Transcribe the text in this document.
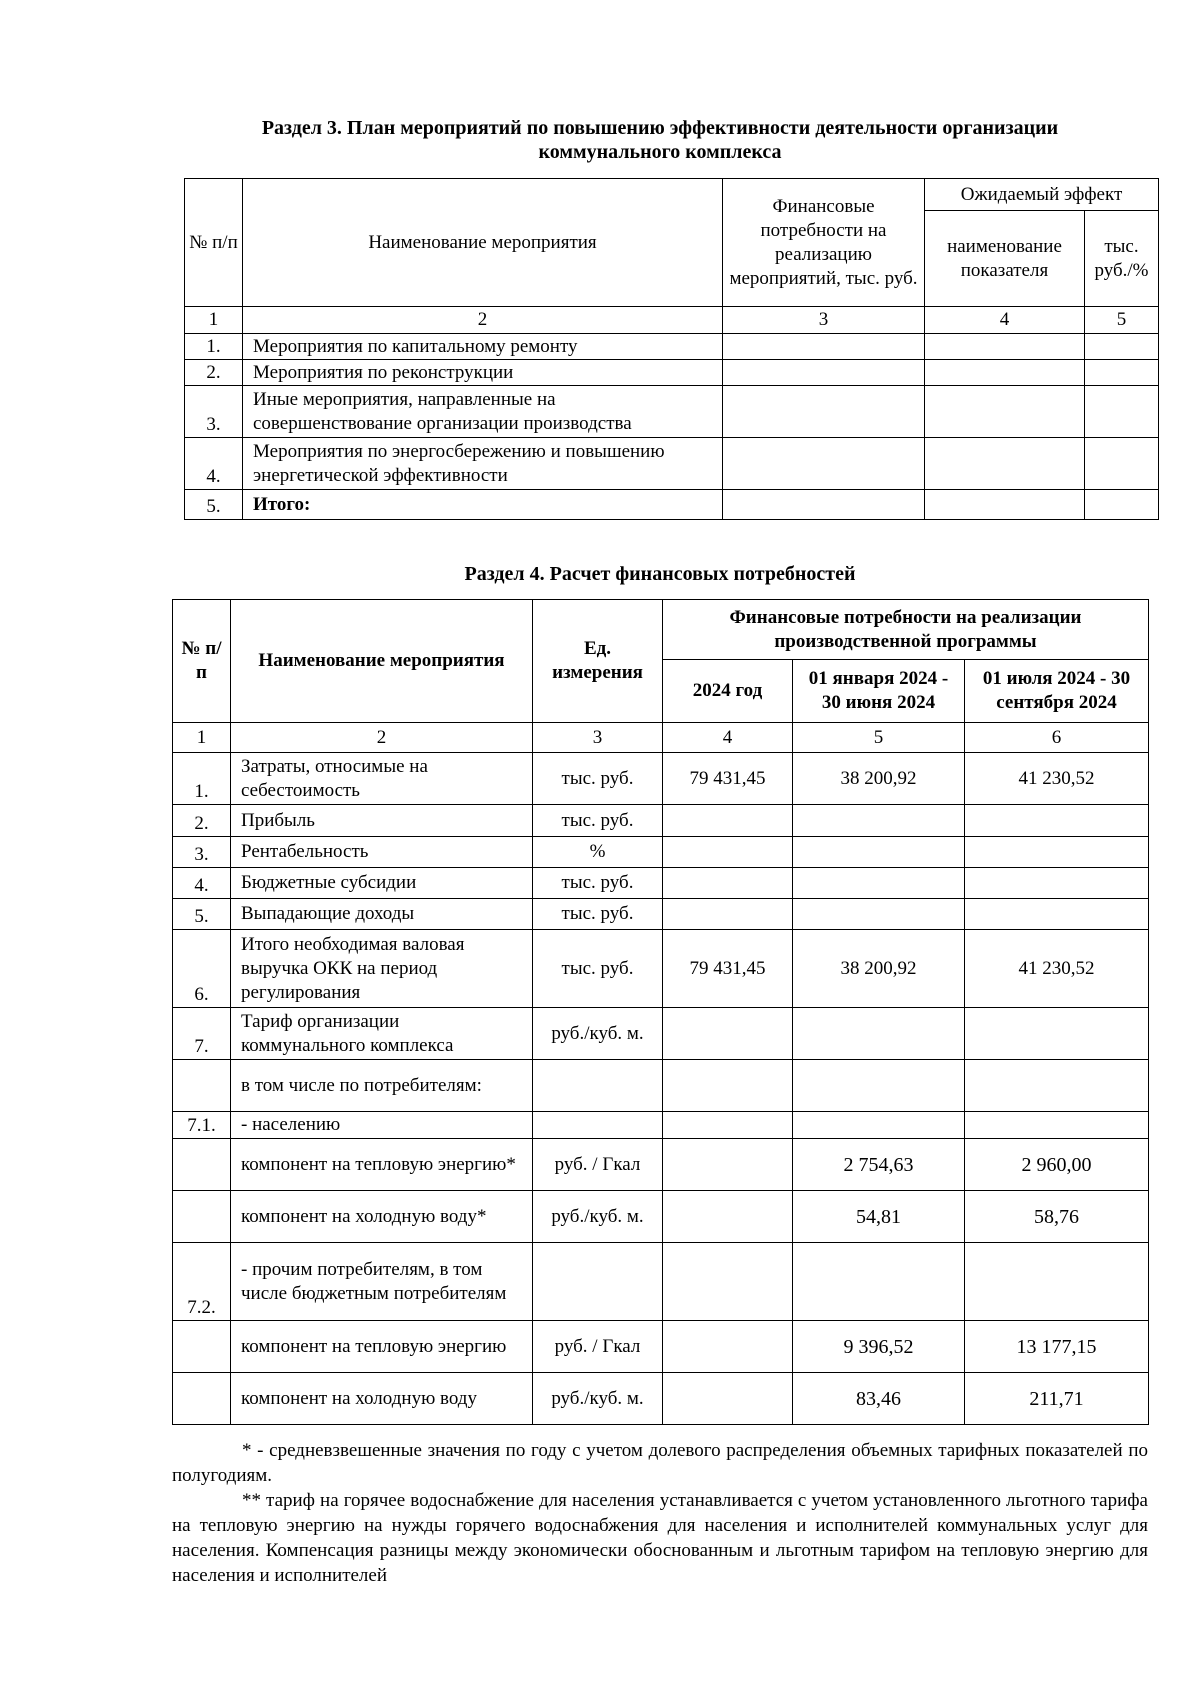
Раздел 3. План мероприятий по повышению эффективности деятельности организации
коммунального комплекса
№ п/п	Наименование мероприятия	Финансовые потребности на реализацию мероприятий, тыс. руб.	Ожидаемый эффект	
			наименование показателя	тыс. руб./%
1	2	3	4	5
1.	Мероприятия по капитальному ремонту			
2.	Мероприятия по реконструкции			
3.	Иные мероприятия, направленные на совершенствование организации производства			
4.	Мероприятия по энергосбережению и повышению энергетической эффективности			
5.	Итого:			
Раздел 4. Расчет финансовых потребностей
№ п/п	Наименование мероприятия	Ед. измерения	Финансовые потребности на реализации производственной программы		
			2024 год	01 января 2024 - 30 июня 2024	01 июля 2024 - 30 сентября 2024
1	2	3	4	5	6
1.	Затраты, относимые на себестоимость	тыс. руб.	79 431,45	38 200,92	41 230,52
2.	Прибыль	тыс. руб.			
3.	Рентабельность	%			
4.	Бюджетные субсидии	тыс. руб.			
5.	Выпадающие доходы	тыс. руб.			
6.	Итого необходимая валовая выручка ОКК на период регулирования	тыс. руб.	79 431,45	38 200,92	41 230,52
7.	Тариф организации коммунального комплекса	руб./куб. м.			
	в том числе по потребителям:				
7.1.	- населению				
	компонент на тепловую энергию*	руб. / Гкал		2 754,63	2 960,00
	компонент на холодную воду*	руб./куб. м.		54,81	58,76
7.2.	- прочим потребителям, в том числе бюджетным потребителям				
	компонент на тепловую энергию	руб. / Гкал		9 396,52	13 177,15
	компонент на холодную воду	руб./куб. м.		83,46	211,71

* - средневзвешенные значения по году с учетом долевого распределения объемных тарифных показателей по полугодиям.

** тариф на горячее водоснабжение для населения устанавливается с учетом установленного льготного тарифа на тепловую энергию на нужды горячего водоснабжения для населения и исполнителей коммунальных услуг для населения. Компенсация разницы между экономически обоснованным и льготным тарифом на тепловую энергию для населения и исполнителей
